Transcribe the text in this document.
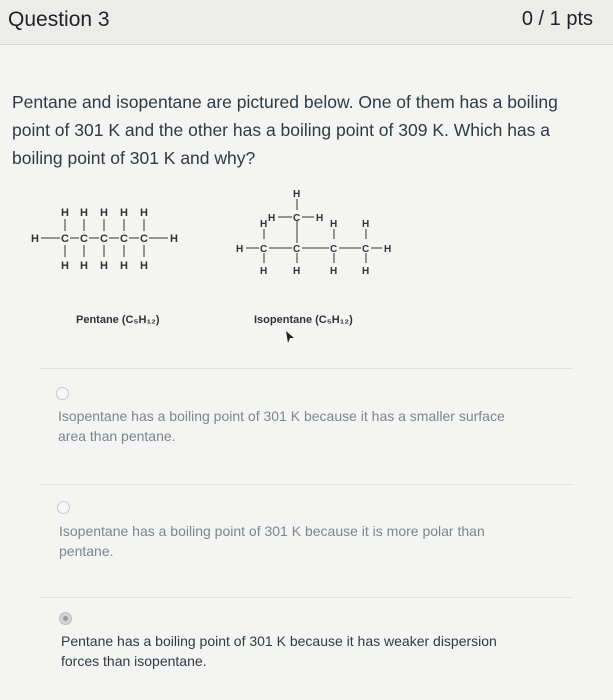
Question 3	0 / 1 pts
Pentane and isopentane are pictured below. One of them has a boiling point of 301 K and the other has a boiling point of 309 K. Which has a boiling point of 301 K and why?
H H H H H
H C C C C C H
H H H H H
H
H C H
H	H H
H C	C	C C H
H	H	H H
Pentane (C₅H₁₂)	Isopentane (C₅H₁₂)
Isopentane has a boiling point of 301 K because it has a smaller surface area than pentane.
Isopentane has a boiling point of 301 K because it is more polar than pentane.
Pentane has a boiling point of 301 K because it has weaker dispersion forces than isopentane.
